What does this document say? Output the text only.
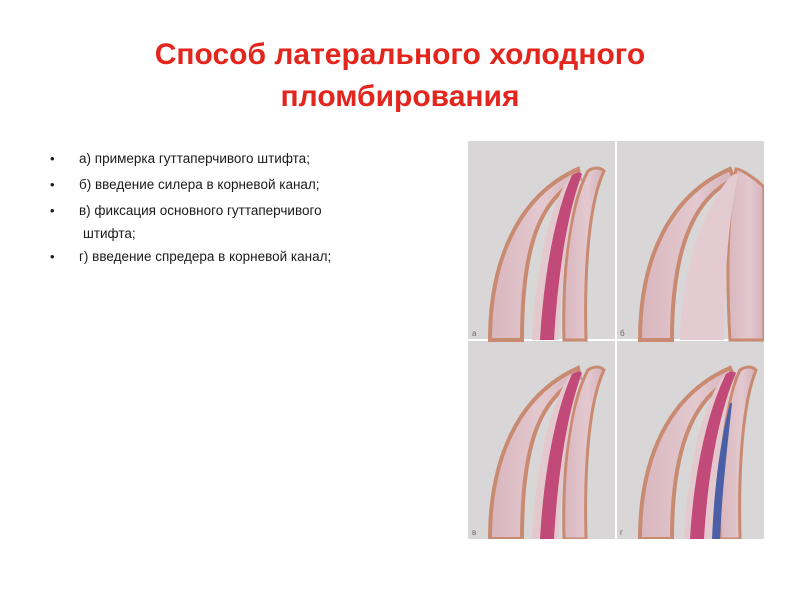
Способ латерального холодного
пломбирования
• а) примерка гуттаперчивого штифта;
• б) введение силера в корневой канал;
• в) фиксация основного гуттаперчивого
штифта;
• г) введение спредера в корневой канал;
а	б
в	г
